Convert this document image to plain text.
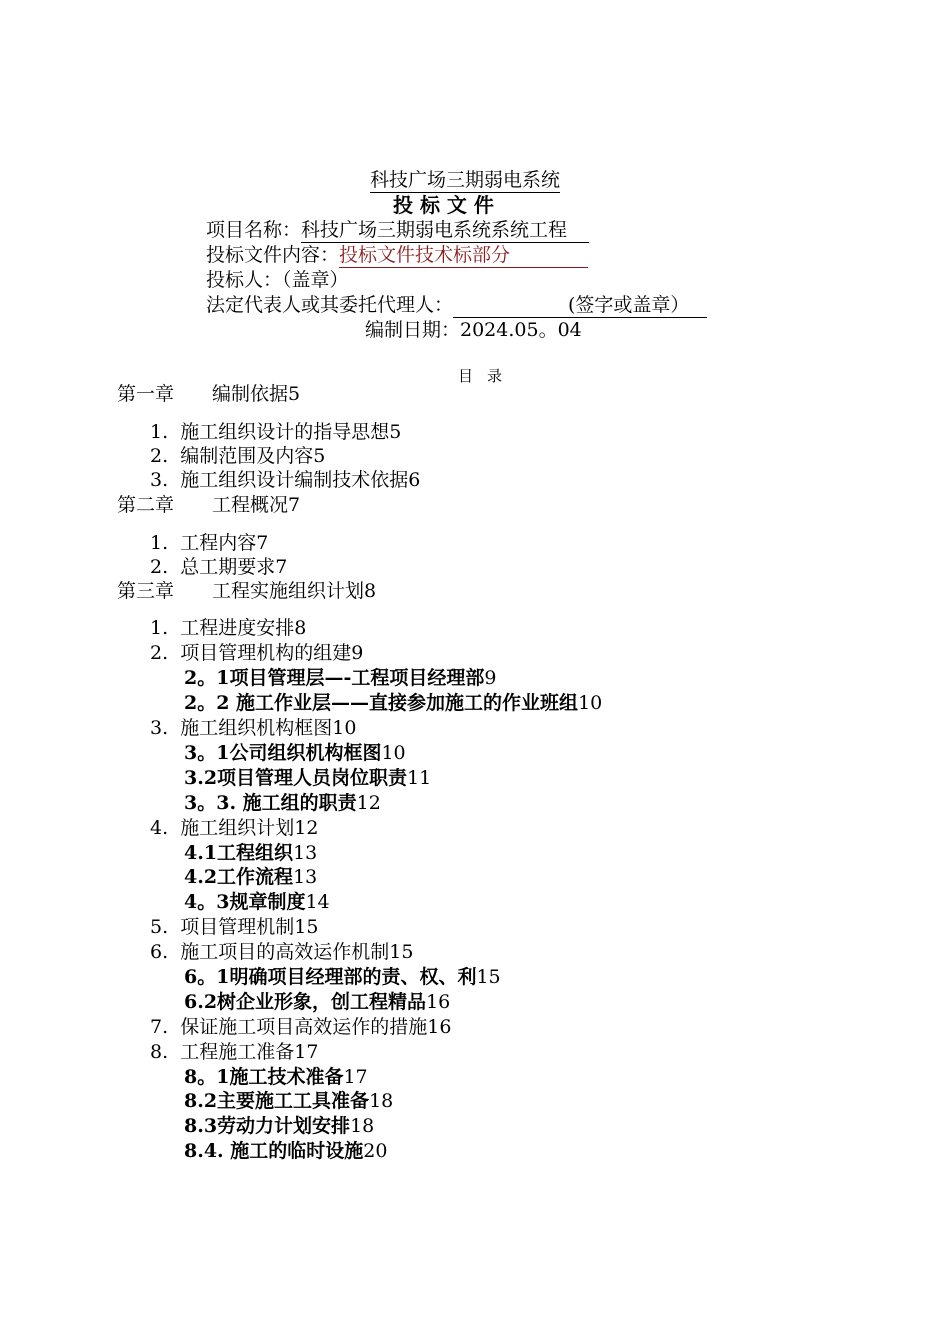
科技广场三期弱电系统
投 标 文 件
项目名称：科技广场三期弱电系统系统工程
投标文件内容：投标文件技术标部分
投标人：（盖章）
法定代表人或其委托代理人：	(签字或盖章）
编制日期：2024.05。04
目录
第一章 编制依据5
1. 施工组织设计的指导思想5
2. 编制范围及内容5
3. 施工组织设计编制技术依据6
第二章 工程概况7
1. 工程内容7
2. 总工期要求7
第三章 工程实施组织计划8
1. 工程进度安排8
2. 项目管理机构的组建9
2。1项目管理层—-工程项目经理部9
2。2 施工作业层——直接参加施工的作业班组10
3. 施工组织机构框图10
3。1公司组织机构框图10
3.2项目管理人员岗位职责11
3。3. 施工组的职责12
4. 施工组织计划12
4.1工程组织13
4.2工作流程13
4。3规章制度14
5. 项目管理机制15
6. 施工项目的高效运作机制15
6。1明确项目经理部的责、权、利15
6.2树企业形象，创工程精品16
7. 保证施工项目高效运作的措施16
8. 工程施工准备17
8。1施工技术准备17
8.2主要施工工具准备18
8.3劳动力计划安排18
8.4. 施工的临时设施20
